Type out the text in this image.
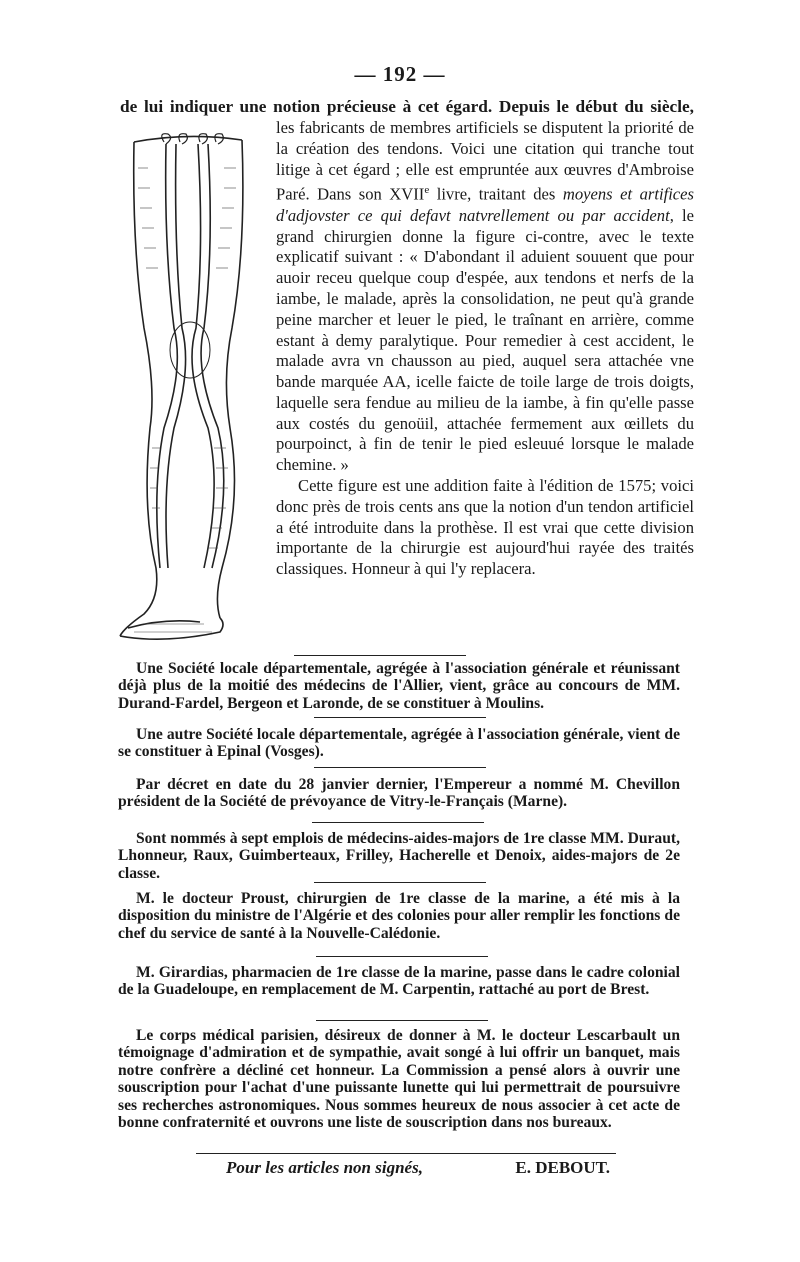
— 192 —
de lui indiquer une notion précieuse à cet égard. Depuis le début du siècle,

les fabricants de membres artificiels se disputent la priorité de la création des tendons. Voici une citation qui tranche tout litige à cet égard ; elle est empruntée aux œuvres d'Ambroise Paré. Dans son XVIIe livre, traitant des moyens et artifices d'adjovster ce qui defavt natvrellement ou par accident, le grand chirurgien donne la figure ci-contre, avec le texte explicatif suivant : « D'abondant il aduient souuent que pour auoir receu quelque coup d'espée, aux tendons et nerfs de la iambe, le malade, après la consolidation, ne peut qu'à grande peine marcher et leuer le pied, le traînant en arrière, comme estant à demy paralytique. Pour remedier à cest accident, le malade avra vn chausson au pied, auquel sera attachée vne bande marquée AA, icelle faicte de toile large de trois doigts, laquelle sera fendue au milieu de la iambe, à fin qu'elle passe aux costés du genoüil, attachée fermement aux œillets du pourpoinct, à fin de tenir le pied esleuué lorsque le malade chemine. »

Cette figure est une addition faite à l'édition de 1575; voici donc près de trois cents ans que la notion d'un tendon artificiel a été introduite dans la prothèse. Il est vrai que cette division importante de la chirurgie est aujourd'hui rayée des traités classiques. Honneur à qui l'y replacera.

Une Société locale départementale, agrégée à l'association générale et réunissant déjà plus de la moitié des médecins de l'Allier, vient, grâce au concours de MM. Durand-Fardel, Bergeon et Laronde, de se constituer à Moulins.
Une autre Société locale départementale, agrégée à l'association générale, vient de se constituer à Epinal (Vosges).
Par décret en date du 28 janvier dernier, l'Empereur a nommé M. Chevillon président de la Société de prévoyance de Vitry-le-Français (Marne).
Sont nommés à sept emplois de médecins-aides-majors de 1re classe MM. Duraut, Lhonneur, Raux, Guimberteaux, Frilley, Hacherelle et Denoix, aides-majors de 2e classe.
M. le docteur Proust, chirurgien de 1re classe de la marine, a été mis à la disposition du ministre de l'Algérie et des colonies pour aller remplir les fonctions de chef du service de santé à la Nouvelle-Calédonie.
M. Girardias, pharmacien de 1re classe de la marine, passe dans le cadre colonial de la Guadeloupe, en remplacement de M. Carpentin, rattaché au port de Brest.
Le corps médical parisien, désireux de donner à M. le docteur Lescarbault un témoignage d'admiration et de sympathie, avait songé à lui offrir un banquet, mais notre confrère a décliné cet honneur. La Commission a pensé alors à ouvrir une souscription pour l'achat d'une puissante lunette qui lui permettrait de poursuivre ses recherches astronomiques. Nous sommes heureux de nous associer à cet acte de bonne confraternité et ouvrons une liste de souscription dans nos bureaux.
Pour les articles non signés,	E. DEBOUT.
